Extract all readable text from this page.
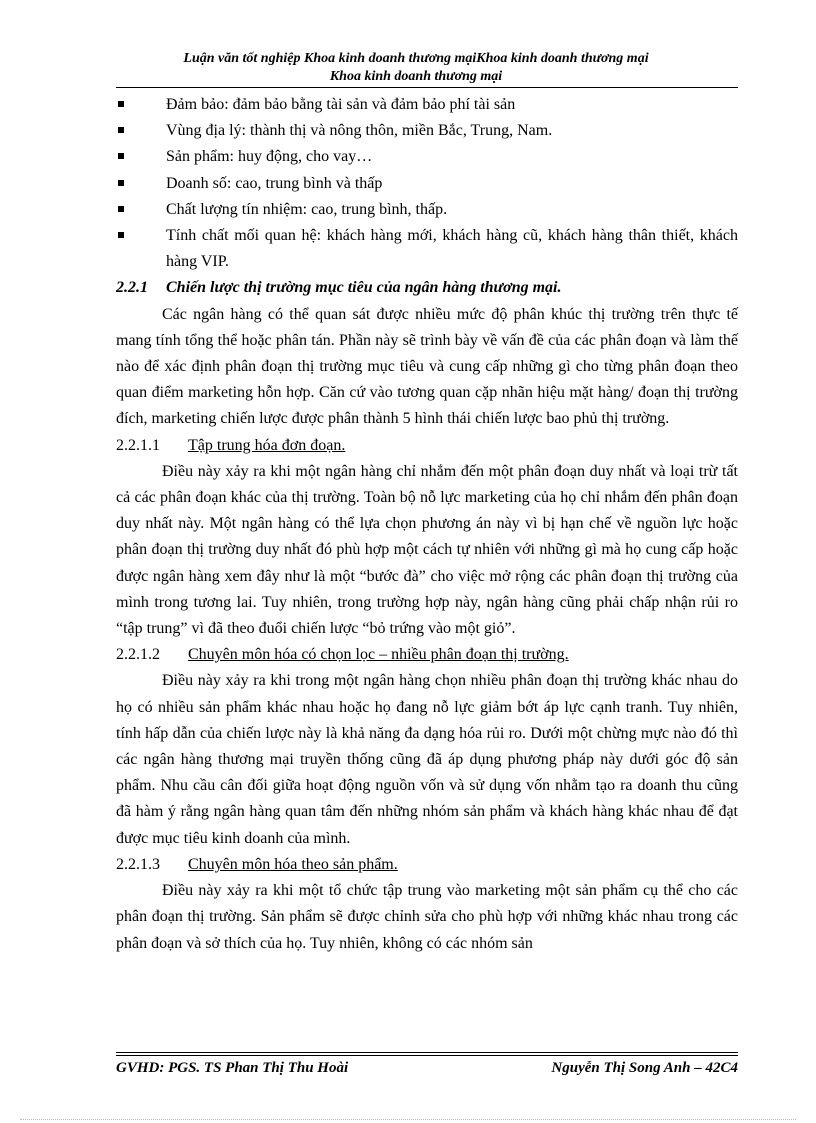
Luận văn tốt nghiệp Khoa kinh doanh thương mạiKhoa kinh doanh thương mại
Khoa kinh doanh thương mại
Đảm bảo: đảm bảo bằng tài sản và đảm bảo phí tài sản
Vùng địa lý: thành thị và nông thôn, miền Bắc, Trung, Nam.
Sản phẩm: huy động, cho vay…
Doanh số: cao, trung bình và thấp
Chất lượng tín nhiệm: cao, trung bình, thấp.
Tính chất mối quan hệ: khách hàng mới, khách hàng cũ, khách hàng thân thiết, khách hàng VIP.
2.2.1 Chiến lược thị trường mục tiêu của ngân hàng thương mại.
Các ngân hàng có thể quan sát được nhiều mức độ phân khúc thị trường trên thực tế mang tính tổng thể hoặc phân tán. Phần này sẽ trình bày về vấn đề của các phân đoạn và làm thế nào để xác định phân đoạn thị trường mục tiêu và cung cấp những gì cho từng phân đoạn theo quan điểm marketing hỗn hợp. Căn cứ vào tương quan cặp nhãn hiệu mặt hàng/ đoạn thị trường đích, marketing chiến lược được phân thành 5 hình thái chiến lược bao phủ thị trường.
2.2.1.1 Tập trung hóa đơn đoạn.
Điều này xảy ra khi một ngân hàng chỉ nhắm đến một phân đoạn duy nhất và loại trừ tất cả các phân đoạn khác của thị trường. Toàn bộ nỗ lực marketing của họ chỉ nhắm đến phân đoạn duy nhất này. Một ngân hàng có thể lựa chọn phương án này vì bị hạn chế về nguồn lực hoặc phân đoạn thị trường duy nhất đó phù hợp một cách tự nhiên với những gì mà họ cung cấp hoặc được ngân hàng xem đây như là một “bước đà” cho việc mở rộng các phân đoạn thị trường của mình trong tương lai. Tuy nhiên, trong trường hợp này, ngân hàng cũng phải chấp nhận rủi ro “tập trung” vì đã theo đuổi chiến lược “bỏ trứng vào một giỏ”.
2.2.1.2 Chuyên môn hóa có chọn lọc – nhiều phân đoạn thị trường.
Điều này xảy ra khi trong một ngân hàng chọn nhiều phân đoạn thị trường khác nhau do họ có nhiều sản phẩm khác nhau hoặc họ đang nỗ lực giảm bớt áp lực cạnh tranh. Tuy nhiên, tính hấp dẫn của chiến lược này là khả năng đa dạng hóa rủi ro. Dưới một chừng mực nào đó thì các ngân hàng thương mại truyền thống cũng đã áp dụng phương pháp này dưới góc độ sản phẩm. Nhu cầu cân đối giữa hoạt động nguồn vốn và sử dụng vốn nhằm tạo ra doanh thu cũng đã hàm ý rằng ngân hàng quan tâm đến những nhóm sản phẩm và khách hàng khác nhau để đạt được mục tiêu kinh doanh của mình.
2.2.1.3 Chuyên môn hóa theo sản phẩm.
Điều này xảy ra khi một tổ chức tập trung vào marketing một sản phẩm cụ thể cho các phân đoạn thị trường. Sản phẩm sẽ được chỉnh sửa cho phù hợp với những khác nhau trong các phân đoạn và sở thích của họ. Tuy nhiên, không có các nhóm sản
GVHD: PGS. TS Phan Thị Thu Hoài	Nguyễn Thị Song Anh – 42C4
